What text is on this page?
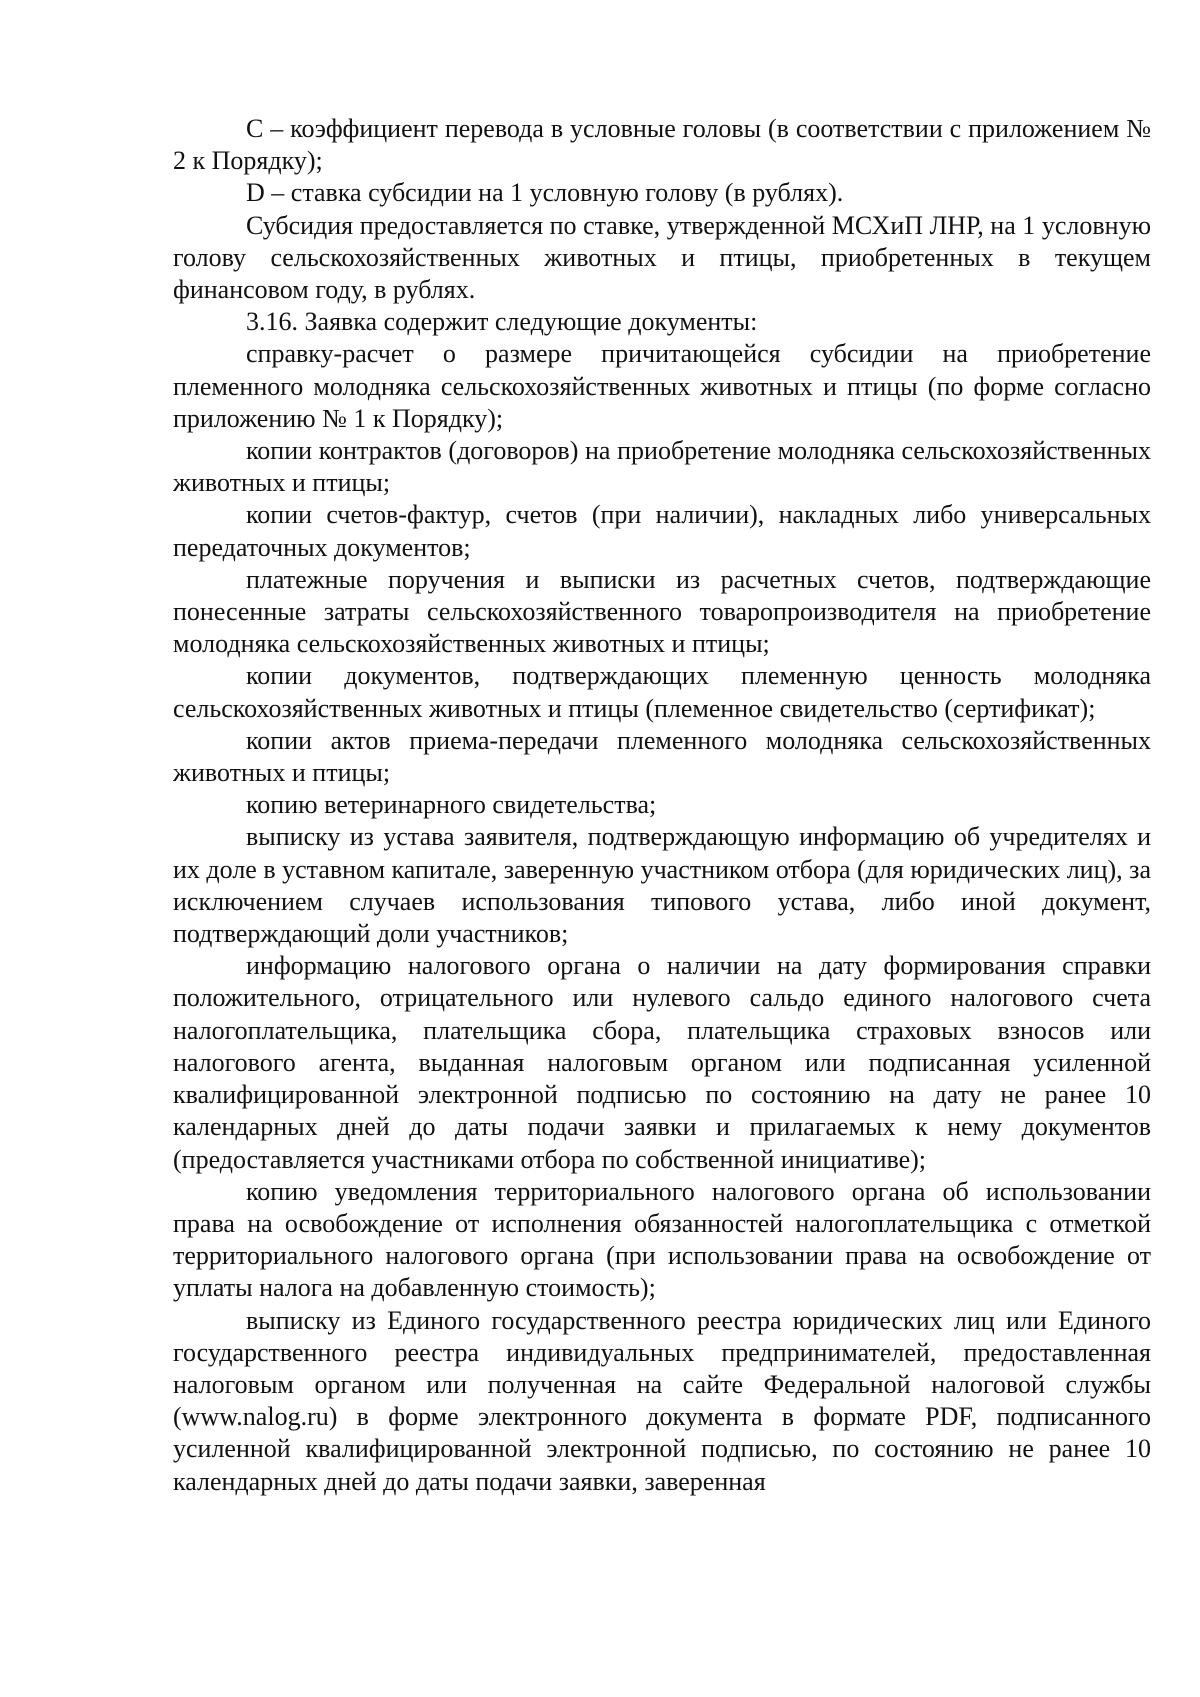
C – коэффициент перевода в условные головы (в соответствии с приложением № 2 к Порядку);

D – ставка субсидии на 1 условную голову (в рублях).

Субсидия предоставляется по ставке, утвержденной МСХиП ЛНР, на 1 условную голову сельскохозяйственных животных и птицы, приобретенных в текущем финансовом году, в рублях.

3.16. Заявка содержит следующие документы:

справку-расчет о размере причитающейся субсидии на приобретение племенного молодняка сельскохозяйственных животных и птицы (по форме согласно приложению № 1 к Порядку);

копии контрактов (договоров) на приобретение молодняка сельскохозяйственных животных и птицы;

копии счетов-фактур, счетов (при наличии), накладных либо универсальных передаточных документов;

платежные поручения и выписки из расчетных счетов, подтверждающие понесенные затраты сельскохозяйственного товаропроизводителя на приобретение молодняка сельскохозяйственных животных и птицы;

копии документов, подтверждающих племенную ценность молодняка сельскохозяйственных животных и птицы (племенное свидетельство (сертификат);

копии актов приема-передачи племенного молодняка сельскохозяйственных животных и птицы;

копию ветеринарного свидетельства;

выписку из устава заявителя, подтверждающую информацию об учредителях и их доле в уставном капитале, заверенную участником отбора (для юридических лиц), за исключением случаев использования типового устава, либо иной документ, подтверждающий доли участников;

информацию налогового органа о наличии на дату формирования справки положительного, отрицательного или нулевого сальдо единого налогового счета налогоплательщика, плательщика сбора, плательщика страховых взносов или налогового агента, выданная налоговым органом или подписанная усиленной квалифицированной электронной подписью по состоянию на дату не ранее 10 календарных дней до даты подачи заявки и прилагаемых к нему документов (предоставляется участниками отбора по собственной инициативе);

копию уведомления территориального налогового органа об использовании права на освобождение от исполнения обязанностей налогоплательщика с отметкой территориального налогового органа (при использовании права на освобождение от уплаты налога на добавленную стоимость);

выписку из Единого государственного реестра юридических лиц или Единого государственного реестра индивидуальных предпринимателей, предоставленная налоговым органом или полученная на сайте Федеральной налоговой службы (www.nalog.ru) в форме электронного документа в формате PDF, подписанного усиленной квалифицированной электронной подписью, по состоянию не ранее 10 календарных дней до даты подачи заявки, заверенная
